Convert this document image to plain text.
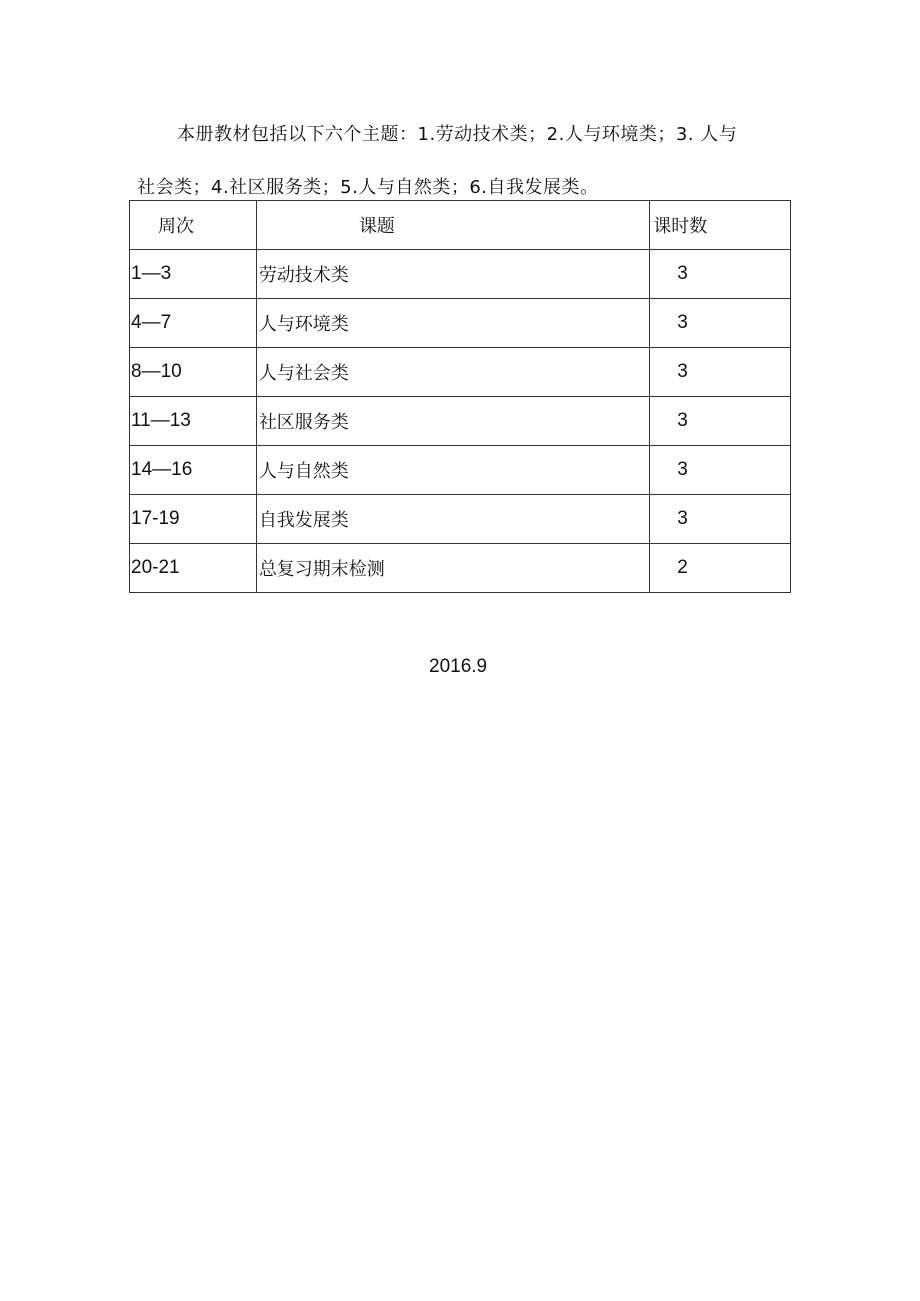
本册教材包括以下六个主题：1.劳动技术类；2.人与环境类；3. 人与
社会类；4.社区服务类；5.人与自然类；6.自我发展类。
周次	课题	课时数
1—3	劳动技术类	3
4—7	人与环境类	3
8—10	人与社会类	3
11—13	社区服务类	3
14—16	人与自然类	3
17-19	自我发展类	3
20-21	总复习期末检测	2
2016.9
